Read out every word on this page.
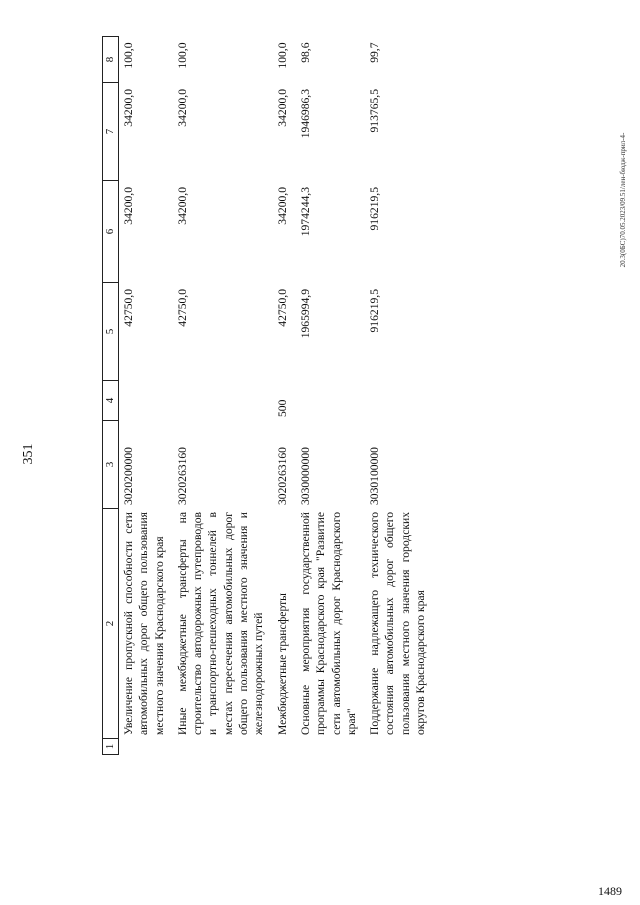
351
20.3(0БС)70.05.2023/09.51/лен-бюдж-прил-4-
1489
1	2	3	4	5	6	7	8
	Увеличение пропускной способности сети автомобильных дорог общего пользования местного значения Краснодарского края	3020200000		42750,0	34200,0	34200,0	100,0
	Иные межбюджетные трансферты на строительство автодорожных путепроводов и транспортно-пешеходных тоннелей в местах пересечения автомобильных дорог общего пользования местного значения и железнодорожных путей	3020263160		42750,0	34200,0	34200,0	100,0
	Межбюджетные трансферты	3020263160	500	42750,0	34200,0	34200,0	100,0
	Основные мероприятия государственной программы Краснодарского края "Развитие сети автомобильных дорог Краснодарского края"	3030000000		1965994,9	1974244,3	1946986,3	98,6
	Поддержание надлежащего технического состояния автомобильных дорог общего пользования местного значения городских округов Краснодарского края	3030100000		916219,5	916219,5	913765,5	99,7
